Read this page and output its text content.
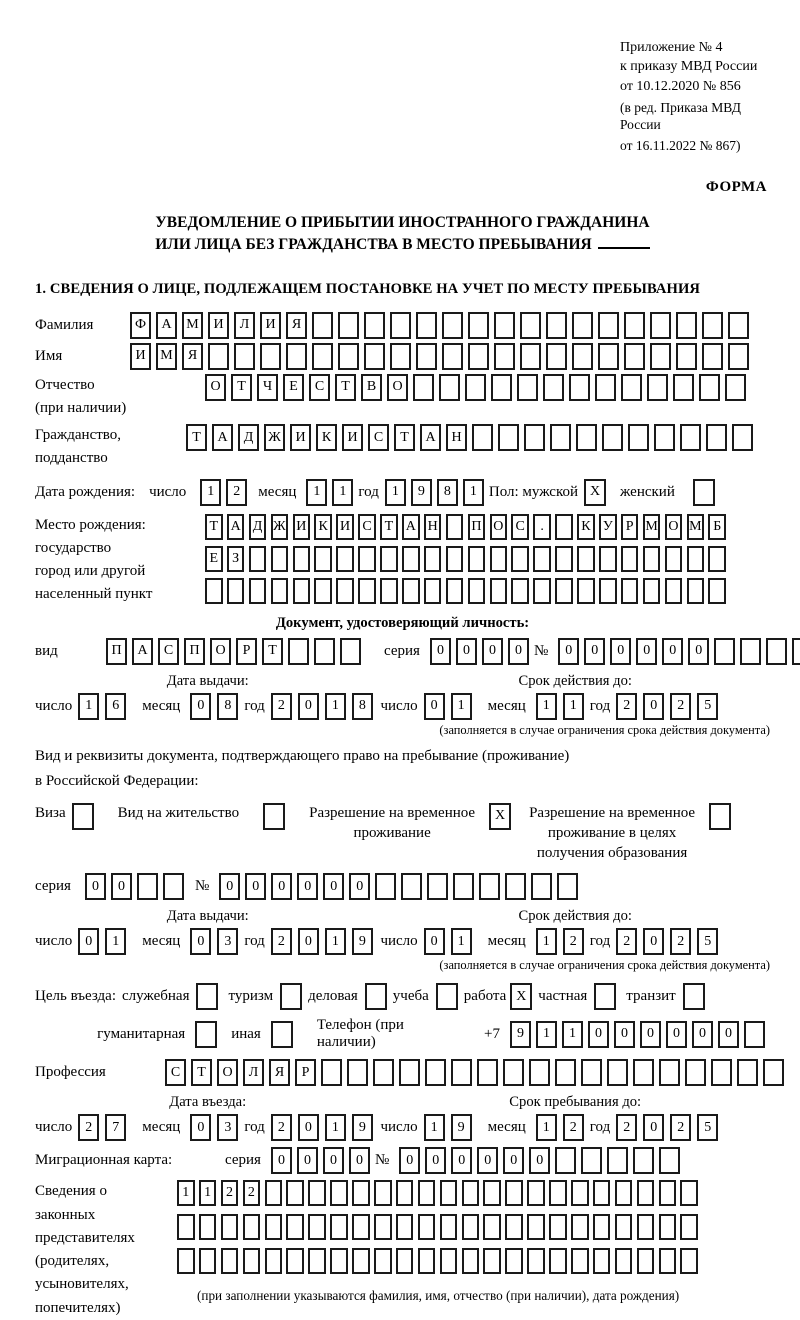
Приложение № 4
к приказу МВД России
от 10.12.2020 № 856
(в ред. Приказа МВД России
от 16.11.2022 № 867)
ФОРМА
УВЕДОМЛЕНИЕ О ПРИБЫТИИ ИНОСТРАННОГО ГРАЖДАНИНА
ИЛИ ЛИЦА БЕЗ ГРАЖДАНСТВА В МЕСТО ПРЕБЫВАНИЯ
1. СВЕДЕНИЯ О ЛИЦЕ, ПОДЛЕЖАЩЕМ ПОСТАНОВКЕ НА УЧЕТ ПО МЕСТУ ПРЕБЫВАНИЯ
Фамилия	Ф	А	М	И	Л	И	Я
Имя	И	М	Я
Отчество
(при наличии)
О	Т	Ч	Е	С	Т	В	О
Гражданство,
подданство
Т	А	Д	Ж	И	К	И	С	Т	А	Н
Дата рождения: число	1	2	месяц	1	1 год 1	9	8	1 Пол: мужской X	женский
Место рождения:
государство
город или другой
населенный пункт
Т А Д Ж И К И С Т А Н П О С	.	К У Р М О М Б
Е	З
Документ, удостоверяющий личность:
вид	П	А	С	П	О	Р	Т	серия	0	0	0	0 №	0	0	0	0	0	0
Дата выдачи:
число 1	6	месяц	0	8 год 2	0	1	8
Срок действия до:
число 0	1	месяц	1	1 год 2	0	2	5
(заполняется в случае ограничения срока действия документа)
Вид и реквизиты документа, подтверждающего право на пребывание (проживание)
в Российской Федерации:
Виза	Вид на жительство	Разрешение на временное
проживание
X	Разрешение на временное
проживание в целях
получения образования
серия	0	0	№	0	0	0	0	0	0
Дата выдачи:
число 0	1	месяц	0	3 год 2	0	1	9
Срок действия до:
число 0	1	месяц	1	2 год 2	0	2	5
(заполняется в случае ограничения срока действия документа)
Цель въезда: служебная	туризм деловая учеба работа X частная	транзит
гуманитарная	иная
Телефон (при наличии)
+7	9	1	1	0	0	0	0	0	0
Профессия	С	Т	О	Л	Я	Р
Дата въезда:
число 2	7	месяц	0	3 год 2	0	1	9
Срок пребывания до:
число 1	9	месяц	1	2 год 2	0	2	5
Миграционная карта:	серия	0	0	0	0 №	0	0	0	0	0	0
Сведения о
законных
представителях
(родителях,
усыновителях,
попечителях)
1	1	2	2
(при заполнении указываются фамилия, имя, отчество (при наличии), дата рождения)
